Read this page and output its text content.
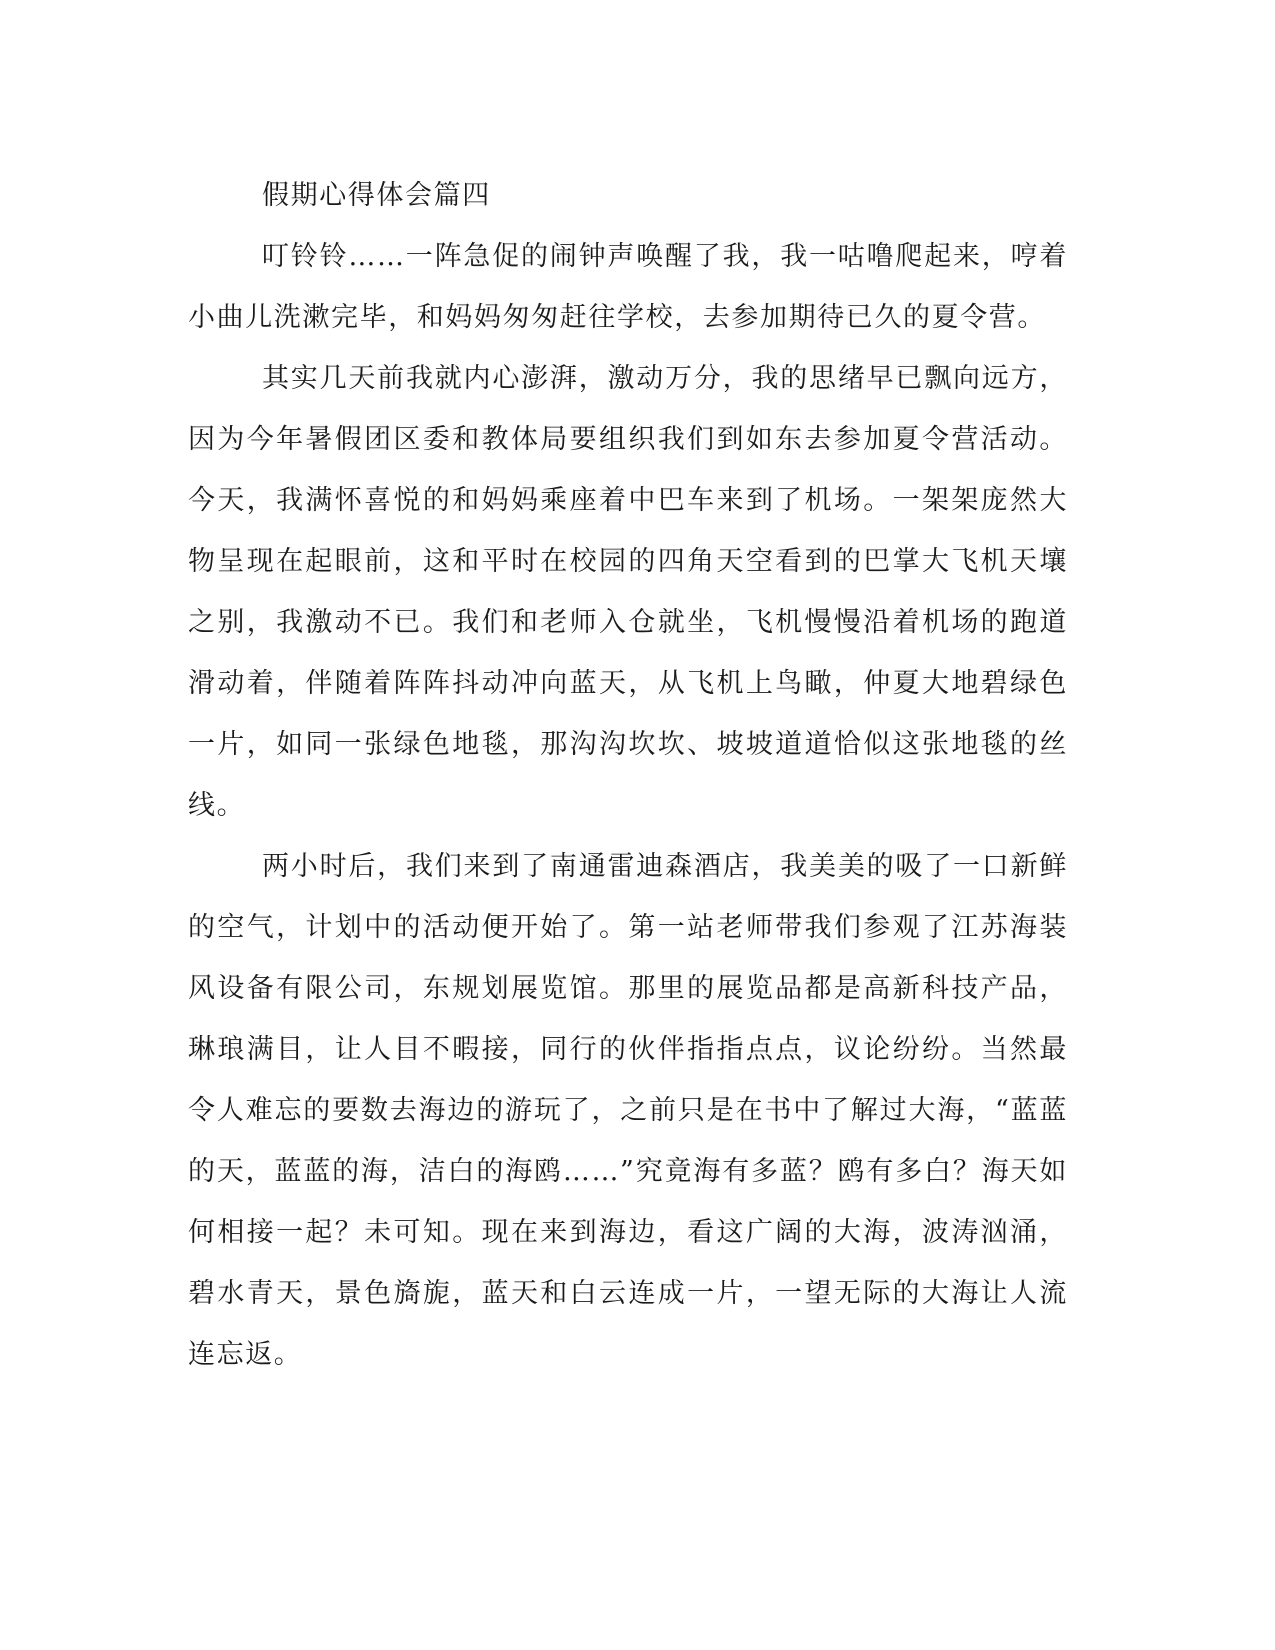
假期心得体会篇四

叮铃铃……一阵急促的闹钟声唤醒了我，我一咕噜爬起来，哼着小曲儿洗漱完毕，和妈妈匆匆赶往学校，去参加期待已久的夏令营。

其实几天前我就内心澎湃，激动万分，我的思绪早已飘向远方，因为今年暑假团区委和教体局要组织我们到如东去参加夏令营活动。今天，我满怀喜悦的和妈妈乘座着中巴车来到了机场。一架架庞然大物呈现在起眼前，这和平时在校园的四角天空看到的巴掌大飞机天壤之别，我激动不已。我们和老师入仓就坐，飞机慢慢沿着机场的跑道滑动着，伴随着阵阵抖动冲向蓝天，从飞机上鸟瞰，仲夏大地碧绿色一片，如同一张绿色地毯，那沟沟坎坎、坡坡道道恰似这张地毯的丝线。

两小时后，我们来到了南通雷迪森酒店，我美美的吸了一口新鲜的空气，计划中的活动便开始了。第一站老师带我们参观了江苏海装风设备有限公司，东规划展览馆。那里的展览品都是高新科技产品，琳琅满目，让人目不暇接，同行的伙伴指指点点，议论纷纷。当然最令人难忘的要数去海边的游玩了，之前只是在书中了解过大海，“蓝蓝的天，蓝蓝的海，洁白的海鸥……”究竟海有多蓝？鸥有多白？海天如何相接一起？未可知。现在来到海边，看这广阔的大海，波涛汹涌，碧水青天，景色旖旎，蓝天和白云连成一片，一望无际的大海让人流连忘返。
